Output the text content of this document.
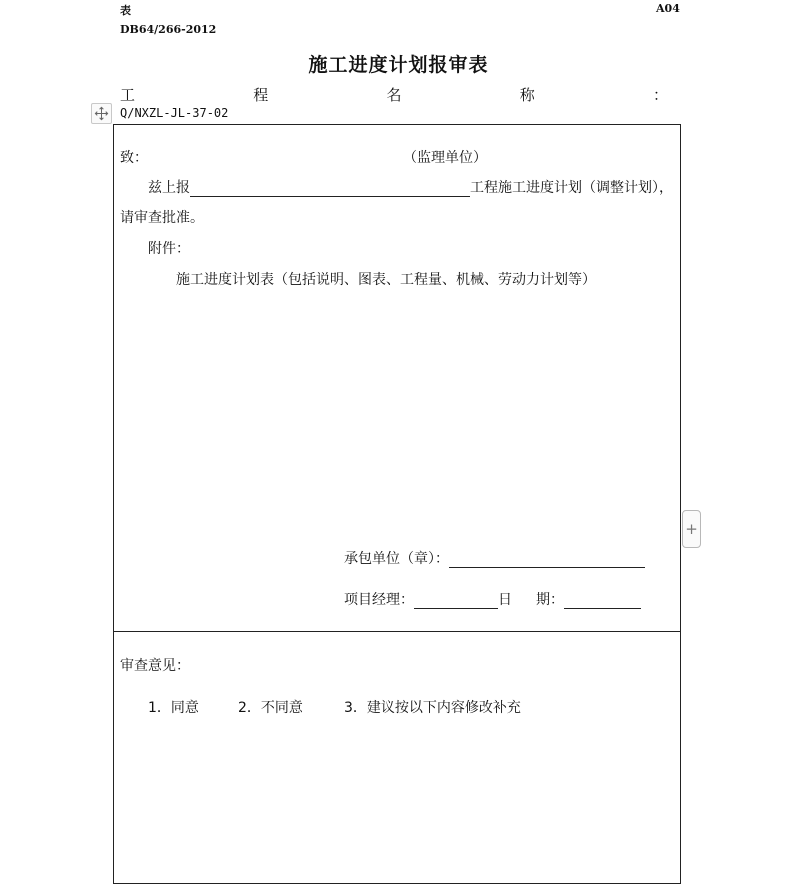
表	A04
DB64/266-2012
施工进度计划报审表
工	程	名	称	：
Q/NXZL-JL-37-02
致：	（监理单位）
兹上报	工程施工进度计划（调整计划），
请审查批准。
附件：
施工进度计划表（包括说明、图表、工程量、机械、劳动力计划等）
承包单位（章）：
项目经理：	日 期：
审查意见：
1．同意	2．不同意	3．建议按以下内容修改补充
+
